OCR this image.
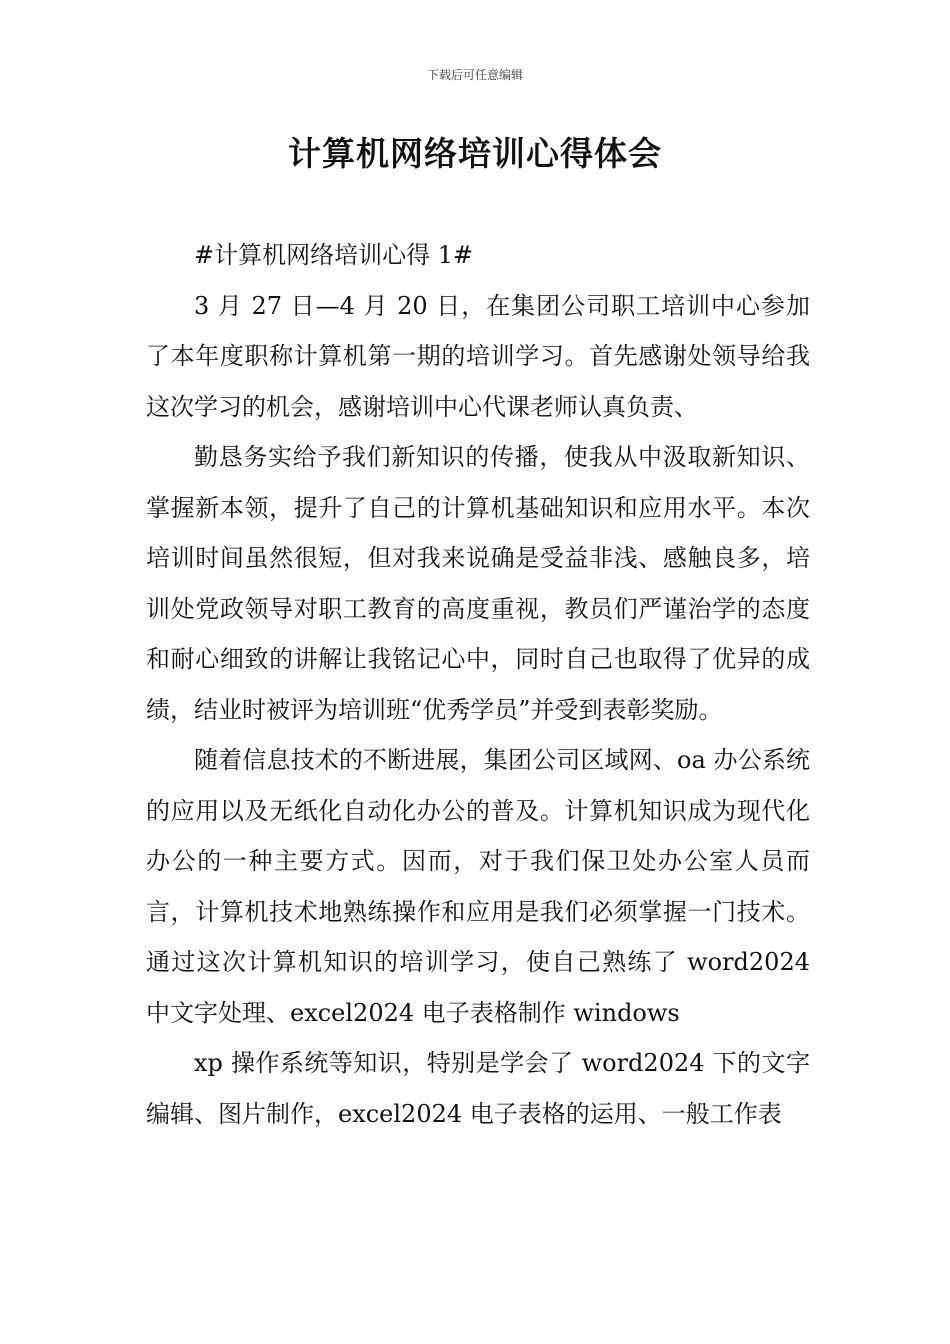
下载后可任意编辑
计算机网络培训心得体会

#计算机网络培训心得 1#

3 月 27 日—4 月 20 日，在集团公司职工培训中心参加了本年度职称计算机第一期的培训学习。首先感谢处领导给我这次学习的机会，感谢培训中心代课老师认真负责、

勤恳务实给予我们新知识的传播，使我从中汲取新知识、掌握新本领，提升了自己的计算机基础知识和应用水平。本次培训时间虽然很短，但对我来说确是受益非浅、感触良多，培训处党政领导对职工教育的高度重视，教员们严谨治学的态度和耐心细致的讲解让我铭记心中，同时自己也取得了优异的成绩，结业时被评为培训班“优秀学员”并受到表彰奖励。

随着信息技术的不断进展，集团公司区域网、oa 办公系统的应用以及无纸化自动化办公的普及。计算机知识成为现代化办公的一种主要方式。因而，对于我们保卫处办公室人员而言，计算机技术地熟练操作和应用是我们必须掌握一门技术。通过这次计算机知识的培训学习，使自己熟练了 word2024 中文字处理、excel2024 电子表格制作 windows

xp 操作系统等知识，特别是学会了 word2024 下的文字编辑、图片制作，excel2024 电子表格的运用、一般工作表
